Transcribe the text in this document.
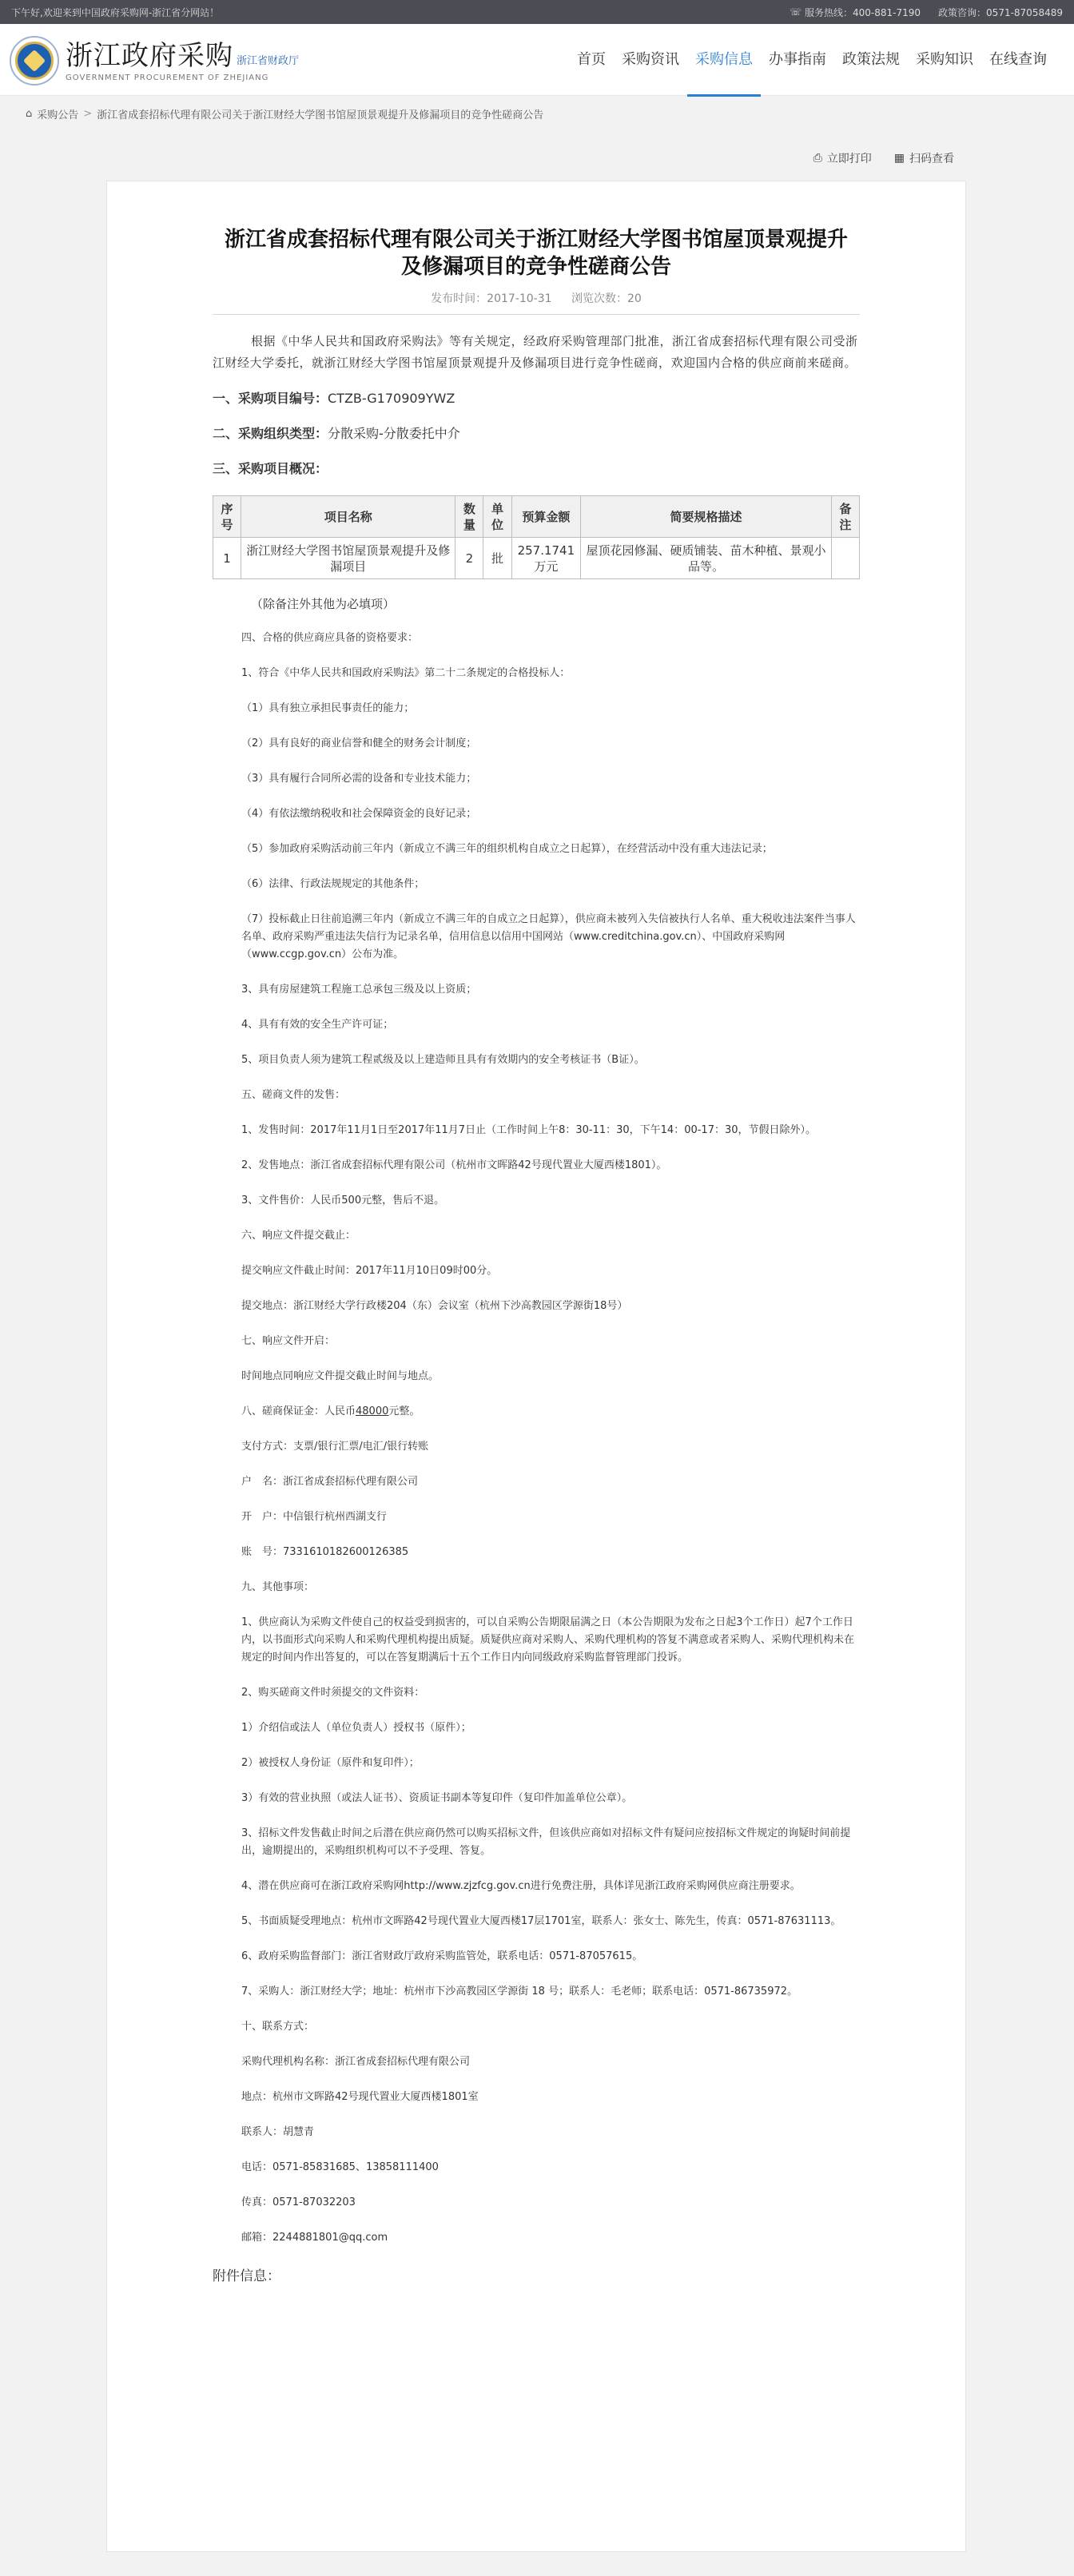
下午好,欢迎来到中国政府采购网-浙江省分网站！	☏ 服务热线：400-881-7190 政策咨询：0571-87058489
浙江政府采购 浙江省财政厅
GOVERNMENT PROCUREMENT OF ZHEJIANG
首页	采购资讯	采购信息	办事指南	政策法规	采购知识	在线查询
⌂ 采购公告 > 浙江省成套招标代理有限公司关于浙江财经大学图书馆屋顶景观提升及修漏项目的竞争性磋商公告
⎙ 立即打印 ▦ 扫码查看
浙江省成套招标代理有限公司关于浙江财经大学图书馆屋顶景观提升及修漏项目的竞争性磋商公告
发布时间：2017-10-31 浏览次数：20

根据《中华人民共和国政府采购法》等有关规定，经政府采购管理部门批准，浙江省成套招标代理有限公司受浙江财经大学委托，就浙江财经大学图书馆屋顶景观提升及修漏项目进行竞争性磋商，欢迎国内合格的供应商前来磋商。

一、采购项目编号：CTZB-G170909YWZ
二、采购组织类型：分散采购-分散委托中介
三、采购项目概况：
序号	项目名称	数量	单位	预算金额	简要规格描述	备注
1	浙江财经大学图书馆屋顶景观提升及修漏项目	2	批	257.1741 万元	屋顶花园修漏、硬质铺装、苗木种植、景观小品等。	
（除备注外其他为必填项）

四、合格的供应商应具备的资格要求：

1、符合《中华人民共和国政府采购法》第二十二条规定的合格投标人：

（1）具有独立承担民事责任的能力；

（2）具有良好的商业信誉和健全的财务会计制度；

（3）具有履行合同所必需的设备和专业技术能力；

（4）有依法缴纳税收和社会保障资金的良好记录；

（5）参加政府采购活动前三年内（新成立不满三年的组织机构自成立之日起算），在经营活动中没有重大违法记录；

（6）法律、行政法规规定的其他条件；

（7）投标截止日往前追溯三年内（新成立不满三年的自成立之日起算），供应商未被列入失信被执行人名单、重大税收违法案件当事人名单、政府采购严重违法失信行为记录名单，信用信息以信用中国网站（www.creditchina.gov.cn）、中国政府采购网（www.ccgp.gov.cn）公布为准。

3、具有房屋建筑工程施工总承包三级及以上资质；

4、具有有效的安全生产许可证；

5、项目负责人须为建筑工程贰级及以上建造师且具有有效期内的安全考核证书（B证）。

五、磋商文件的发售：

1、发售时间：2017年11月1日至2017年11月7日止（工作时间上午8：30-11：30，下午14：00-17：30，节假日除外）。

2、发售地点：浙江省成套招标代理有限公司（杭州市文晖路42号现代置业大厦西楼1801）。

3、文件售价：人民币500元整，售后不退。

六、响应文件提交截止：

提交响应文件截止时间：2017年11月10日09时00分。

提交地点：浙江财经大学行政楼204（东）会议室（杭州下沙高教园区学源街18号）

七、响应文件开启：

时间地点同响应文件提交截止时间与地点。

八、磋商保证金：人民币48000元整。

支付方式：支票/银行汇票/电汇/银行转账

户　名：浙江省成套招标代理有限公司

开　户：中信银行杭州西湖支行

账　号：7331610182600126385

九、其他事项：

1、供应商认为采购文件使自己的权益受到损害的，可以自采购公告期限届满之日（本公告期限为发布之日起3个工作日）起7个工作日内，以书面形式向采购人和采购代理机构提出质疑。质疑供应商对采购人、采购代理机构的答复不满意或者采购人、采购代理机构未在规定的时间内作出答复的，可以在答复期满后十五个工作日内向同级政府采购监督管理部门投诉。

2、购买磋商文件时须提交的文件资料：

1）介绍信或法人（单位负责人）授权书（原件）；

2）被授权人身份证（原件和复印件）；

3）有效的营业执照（或法人证书）、资质证书副本等复印件（复印件加盖单位公章）。

3、招标文件发售截止时间之后潜在供应商仍然可以购买招标文件，但该供应商如对招标文件有疑问应按招标文件规定的询疑时间前提出，逾期提出的，采购组织机构可以不予受理、答复。

4、潜在供应商可在浙江政府采购网http://www.zjzfcg.gov.cn进行免费注册，具体详见浙江政府采购网供应商注册要求。

5、书面质疑受理地点：杭州市文晖路42号现代置业大厦西楼17层1701室，联系人：张女士、陈先生，传真：0571-87631113。

6、政府采购监督部门：浙江省财政厅政府采购监管处，联系电话：0571-87057615。

7、采购人：浙江财经大学；地址：杭州市下沙高教园区学源街 18 号；联系人：毛老师；联系电话：0571-86735972。

十、联系方式：

采购代理机构名称：浙江省成套招标代理有限公司

地点：杭州市文晖路42号现代置业大厦西楼1801室

联系人：胡慧青

电话：0571-85831685、13858111400

传真：0571-87032203

邮箱：2244881801@qq.com

附件信息：
